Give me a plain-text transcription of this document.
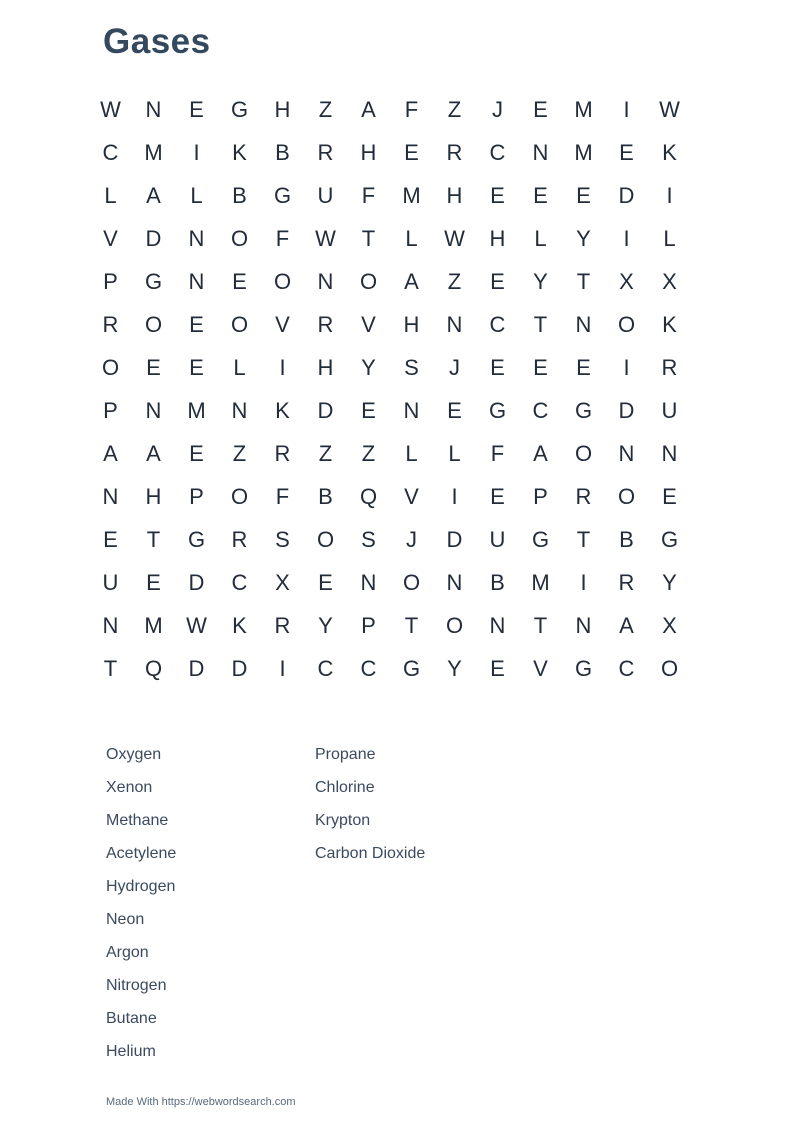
Gases
W	N	E	G	H	Z	A	F	Z	J	E	M	I	W
C	M	I	K	B	R	H	E	R	C	N	M	E	K
L	A	L	B	G	U	F	M	H	E	E	E	D	I
V	D	N	O	F	W	T	L	W	H	L	Y	I	L
P	G	N	E	O	N	O	A	Z	E	Y	T	X	X
R	O	E	O	V	R	V	H	N	C	T	N	O	K
O	E	E	L	I	H	Y	S	J	E	E	E	I	R
P	N	M	N	K	D	E	N	E	G	C	G	D	U
A	A	E	Z	R	Z	Z	L	L	F	A	O	N	N
N	H	P	O	F	B	Q	V	I	E	P	R	O	E
E	T	G	R	S	O	S	J	D	U	G	T	B	G
U	E	D	C	X	E	N	O	N	B	M	I	R	Y
N	M	W	K	R	Y	P	T	O	N	T	N	A	X
T	Q	D	D	I	C	C	G	Y	E	V	G	C	O
Oxygen
Xenon
Methane
Acetylene
Hydrogen
Neon
Argon
Nitrogen
Butane
Helium
Propane
Chlorine
Krypton
Carbon Dioxide
Made With https://webwordsearch.com
